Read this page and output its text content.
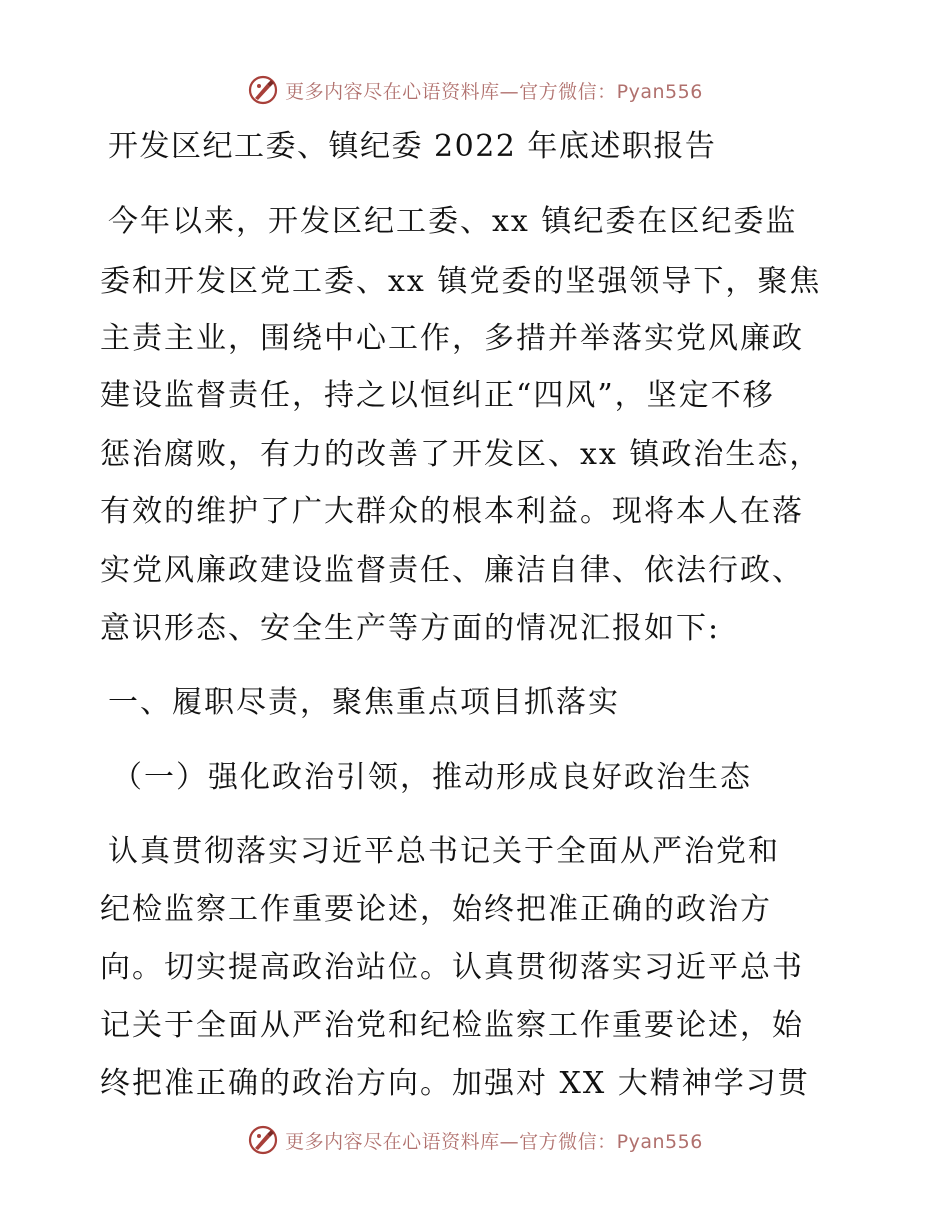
更多内容尽在心语资料库—官方微信：Pyan556
开发区纪工委、镇纪委 2022 年底述职报告
今年以来，开发区纪工委、xx 镇纪委在区纪委监
委和开发区党工委、xx 镇党委的坚强领导下，聚焦
主责主业，围绕中心工作，多措并举落实党风廉政
建设监督责任，持之以恒纠正“四风”，坚定不移
惩治腐败，有力的改善了开发区、xx 镇政治生态，
有效的维护了广大群众的根本利益。现将本人在落
实党风廉政建设监督责任、廉洁自律、依法行政、
意识形态、安全生产等方面的情况汇报如下:
一、履职尽责，聚焦重点项目抓落实
（一）强化政治引领，推动形成良好政治生态
认真贯彻落实习近平总书记关于全面从严治党和
纪检监察工作重要论述，始终把准正确的政治方
向。切实提高政治站位。认真贯彻落实习近平总书
记关于全面从严治党和纪检监察工作重要论述，始
终把准正确的政治方向。加强对 XX 大精神学习贯
更多内容尽在心语资料库—官方微信：Pyan556
